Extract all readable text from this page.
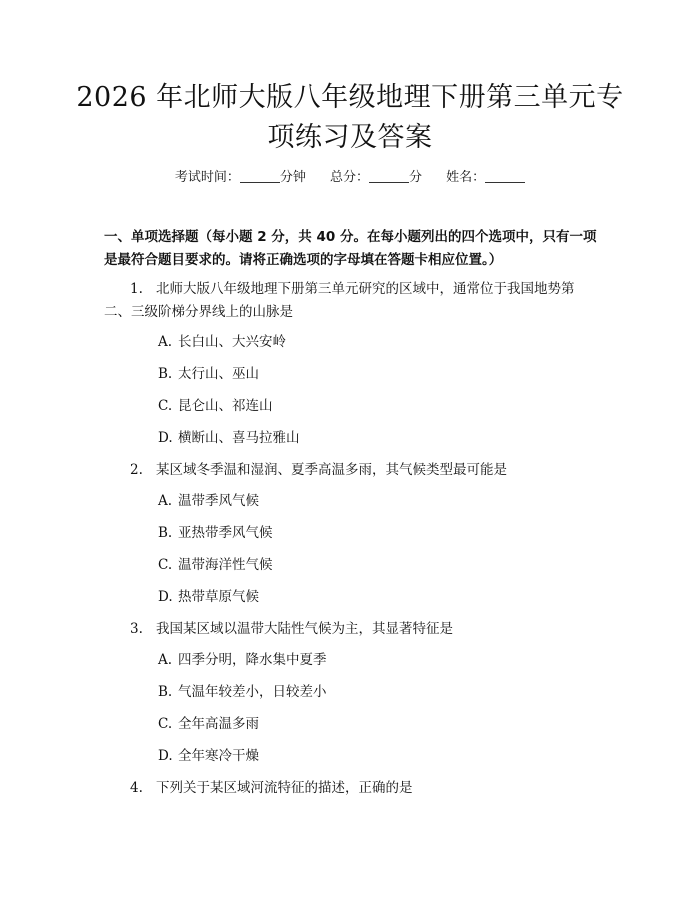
2026 年北师大版八年级地理下册第三单元专
项练习及答案
考试时间：	分钟 总分：	分 姓名：
一、单项选择题（每小题 2 分，共 40 分。在每小题列出的四个选项中，只有一项
是最符合题目要求的。请将正确选项的字母填在答题卡相应位置。）
1. 北师大版八年级地理下册第三单元研究的区域中，通常位于我国地势第
二、三级阶梯分界线上的山脉是
A. 长白山、大兴安岭
B. 太行山、巫山
C. 昆仑山、祁连山
D. 横断山、喜马拉雅山
2. 某区域冬季温和湿润、夏季高温多雨，其气候类型最可能是
A. 温带季风气候
B. 亚热带季风气候
C. 温带海洋性气候
D. 热带草原气候
3. 我国某区域以温带大陆性气候为主，其显著特征是
A. 四季分明，降水集中夏季
B. 气温年较差小，日较差小
C. 全年高温多雨
D. 全年寒冷干燥
4. 下列关于某区域河流特征的描述，正确的是
